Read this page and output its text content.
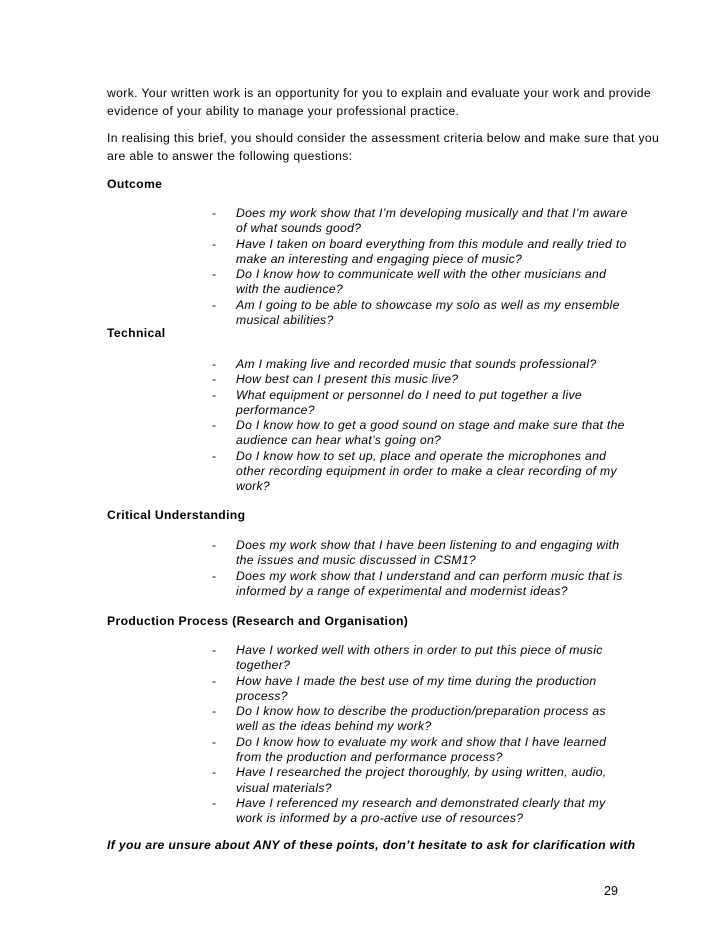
work. Your written work is an opportunity for you to explain and evaluate your work and provide evidence of your ability to manage your professional practice.

In realising this brief, you should consider the assessment criteria below and make sure that you are able to answer the following questions:

Outcome

- Does my work show that I’m developing musically and that I’m aware of what sounds good?
- Have I taken on board everything from this module and really tried to make an interesting and engaging piece of music?
- Do I know how to communicate well with the other musicians and with the audience?
- Am I going to be able to showcase my solo as well as my ensemble musical abilities?

Technical

- Am I making live and recorded music that sounds professional?
- How best can I present this music live?
- What equipment or personnel do I need to put together a live performance?
- Do I know how to get a good sound on stage and make sure that the audience can hear what’s going on?
- Do I know how to set up, place and operate the microphones and other recording equipment in order to make a clear recording of my work?

Critical Understanding

- Does my work show that I have been listening to and engaging with the issues and music discussed in CSM1?
- Does my work show that I understand and can perform music that is informed by a range of experimental and modernist ideas?

Production Process (Research and Organisation)

- Have I worked well with others in order to put this piece of music together?
- How have I made the best use of my time during the production process?
- Do I know how to describe the production/preparation process as well as the ideas behind my work?
- Do I know how to evaluate my work and show that I have learned from the production and performance process?
- Have I researched the project thoroughly, by using written, audio, visual materials?
- Have I referenced my research and demonstrated clearly that my work is informed by a pro-active use of resources?

If you are unsure about ANY of these points, don’t hesitate to ask for clarification with

29
